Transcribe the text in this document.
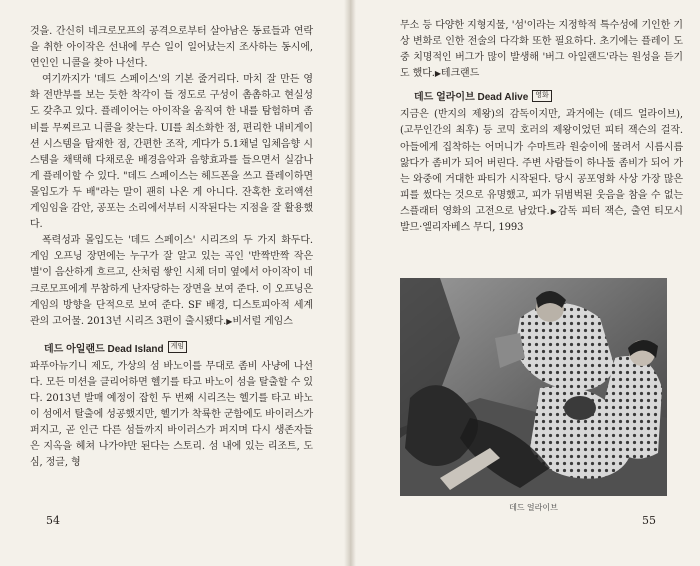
것을. 간신히 네크로모프의 공격으로부터 살아남은 동료들과 연락을 취한 아이작은 선내에 무슨 일이 일어났는지 조사하는 동시에, 연인인 니콜을 찾아 나선다.

여기까지가 '데드 스페이스'의 기본 줄거리다. 마치 잘 만든 영화 전반부를 보는 듯한 착각이 들 정도로 구성이 촘촘하고 현실성도 갖추고 있다. 플레이어는 아이작을 움직여 한 내를 탐험하며 좀비를 무찌르고 니콜을 찾는다. UI를 최소화한 점, 편리한 내비게이션 시스템을 탑재한 점, 간편한 조작, 게다가 5.1채널 입체음향 시스템을 채택해 다채로운 배경음악과 음향효과를 들으면서 실감나게 플레이할 수 있다. "데드 스페이스는 헤드폰을 쓰고 플레이하면 몰입도가 두 배"라는 말이 괜히 나온 게 아니다. 잔혹한 호러액션 게임임을 감안, 공포는 소리에서부터 시작된다는 지점을 잘 활용했다.

폭력성과 몰입도는 '데드 스페이스' 시리즈의 두 가지 화두다. 게임 오프닝 장면에는 누구가 잘 알고 있는 곡인 '반짝반짝 작은 별'이 음산하게 흐르고, 산처럼 쌓인 시체 더미 옆에서 아이작이 네크로모프에게 무참하게 난자당하는 장면을 보여 준다. 이 오프닝은 게임의 방향을 단적으로 보여 준다. SF 배경, 디스토피아적 세계관의 고어물. 2013년 시리즈 3편이 출시됐다.▶비서럴 게임스

데드 아일랜드 Dead Island	게임

파푸아뉴기니 제도, 가상의 섬 바노이를 무대로 좀비 사냥에 나선다. 모든 미션을 클리어하면 헬기를 타고 바노이 섬을 탈출할 수 있다. 2013년 발매 예정이 잡힌 두 번째 시리즈는 헬기를 타고 바노이 섬에서 탈출에 성공했지만, 헬기가 착륙한 군함에도 바이러스가 퍼지고, 곧 인근 다른 섬들까지 바이러스가 퍼지며 다시 생존자들은 지옥을 헤쳐 나가야만 된다는 스토리. 섬 내에 있는 리조트, 도심, 정글, 형

54

무소 등 다양한 지형지물, '섬'이라는 지정학적 특수성에 기인한 기상 변화로 인한 전술의 다각화 또한 필요하다. 초기에는 플레이 도중 치명적인 버그가 많이 발생해 '버그 아일랜드'라는 원성을 듣기도 했다.▶테크랜드

데드 얼라이브 Dead Alive	영화

지금은 (반지의 제왕)의 감독이지만, 과거에는 (데드 얼라이브), (고무인간의 최후) 등 코믹 호러의 제왕이었던 피터 잭슨의 걸작. 아들에게 집착하는 어머니가 수마트라 원숭이에 물려서 시름시름 앓다가 좀비가 되어 버린다. 주변 사람들이 하나둘 좀비가 되어 가는 와중에 거대한 파티가 시작된다. 당시 공포영화 사상 가장 많은 피를 썼다는 것으로 유명했고, 피가 뒤범벅된 웃음을 참을 수 없는 스플래터 영화의 고전으로 남았다.▶감독 피터 잭슨, 출연 티모시 발므·엘리자베스 무디, 1993

데드 얼라이브
55
